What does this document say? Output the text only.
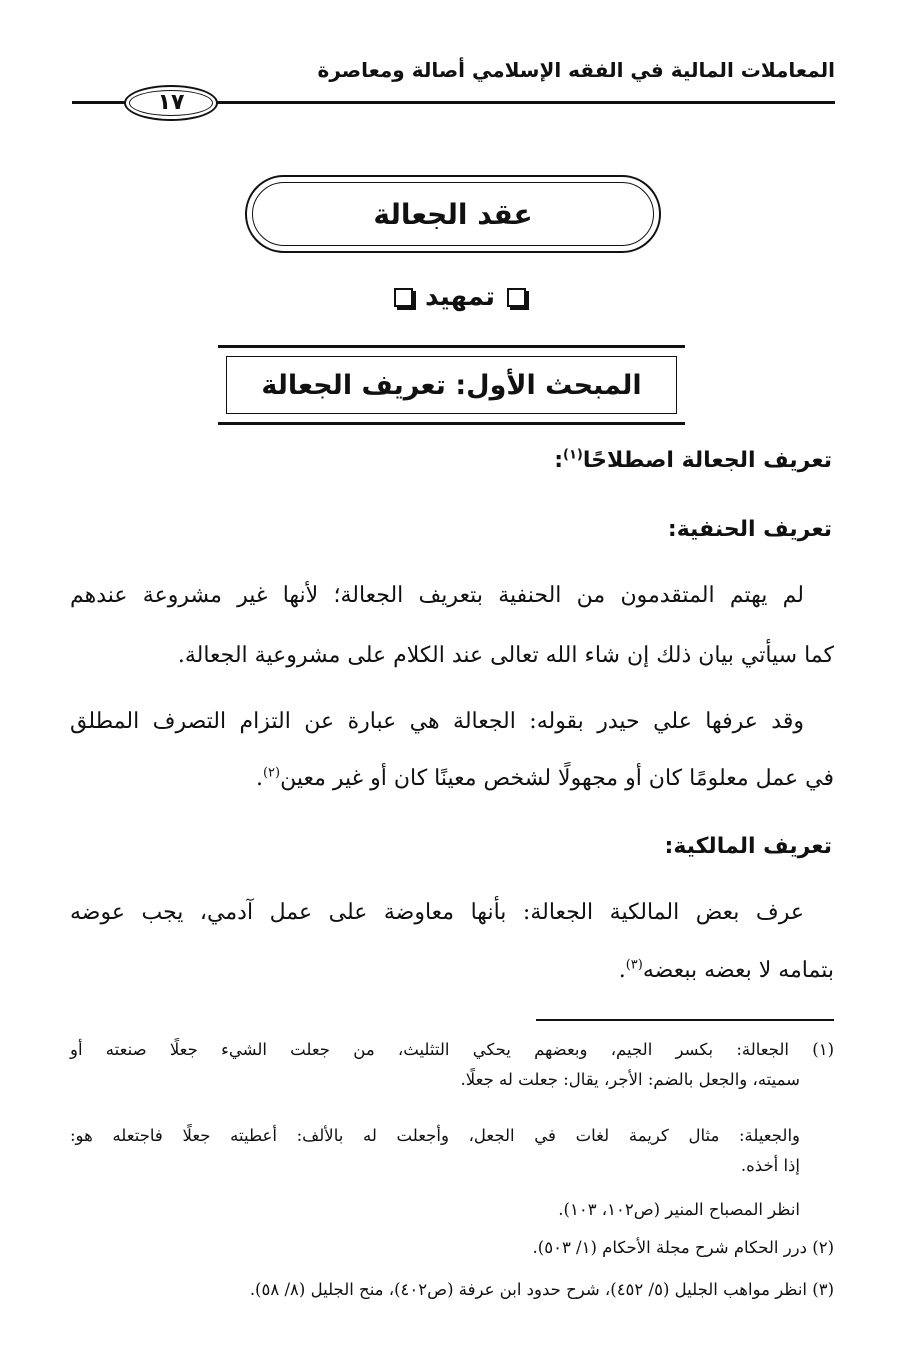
المعاملات المالية في الفقه الإسلامي أصالة ومعاصرة
١٧
عقد الجعالة
تمهيد
المبحث الأول: تعريف الجعالة
تعريف الجعالة اصطلاحًا$^{(١)}$:
تعريف الحنفية:
لم يهتم المتقدمون من الحنفية بتعريف الجعالة؛ لأنها غير مشروعة عندهم
كما سيأتي بيان ذلك إن شاء الله تعالى عند الكلام على مشروعية الجعالة.
وقد عرفها علي حيدر بقوله: الجعالة هي عبارة عن التزام التصرف المطلق
في عمل معلومًا كان أو مجهولًا لشخص معينًا كان أو غير معين$^{(٢)}$.
تعريف المالكية:
عرف بعض المالكية الجعالة: بأنها معاوضة على عمل آدمي، يجب عوضه
بتمامه لا بعضه ببعضه$^{(٣)}$.
(١) الجعالة: بكسر الجيم، وبعضهم يحكي التثليث، من جعلت الشيء جعلًا صنعته أو
سميته، والجعل بالضم: الأجر، يقال: جعلت له جعلًا.
والجعيلة: مثال كريمة لغات في الجعل، وأجعلت له بالألف: أعطيته جعلًا فاجتعله هو:
إذا أخذه.
انظر المصباح المنير (ص١٠٢، ١٠٣).
(٢) درر الحكام شرح مجلة الأحكام (١/ ٥٠٣).
(٣) انظر مواهب الجليل (٥/ ٤٥٢)، شرح حدود ابن عرفة (ص٤٠٢)، منح الجليل (٨/ ٥٨).
